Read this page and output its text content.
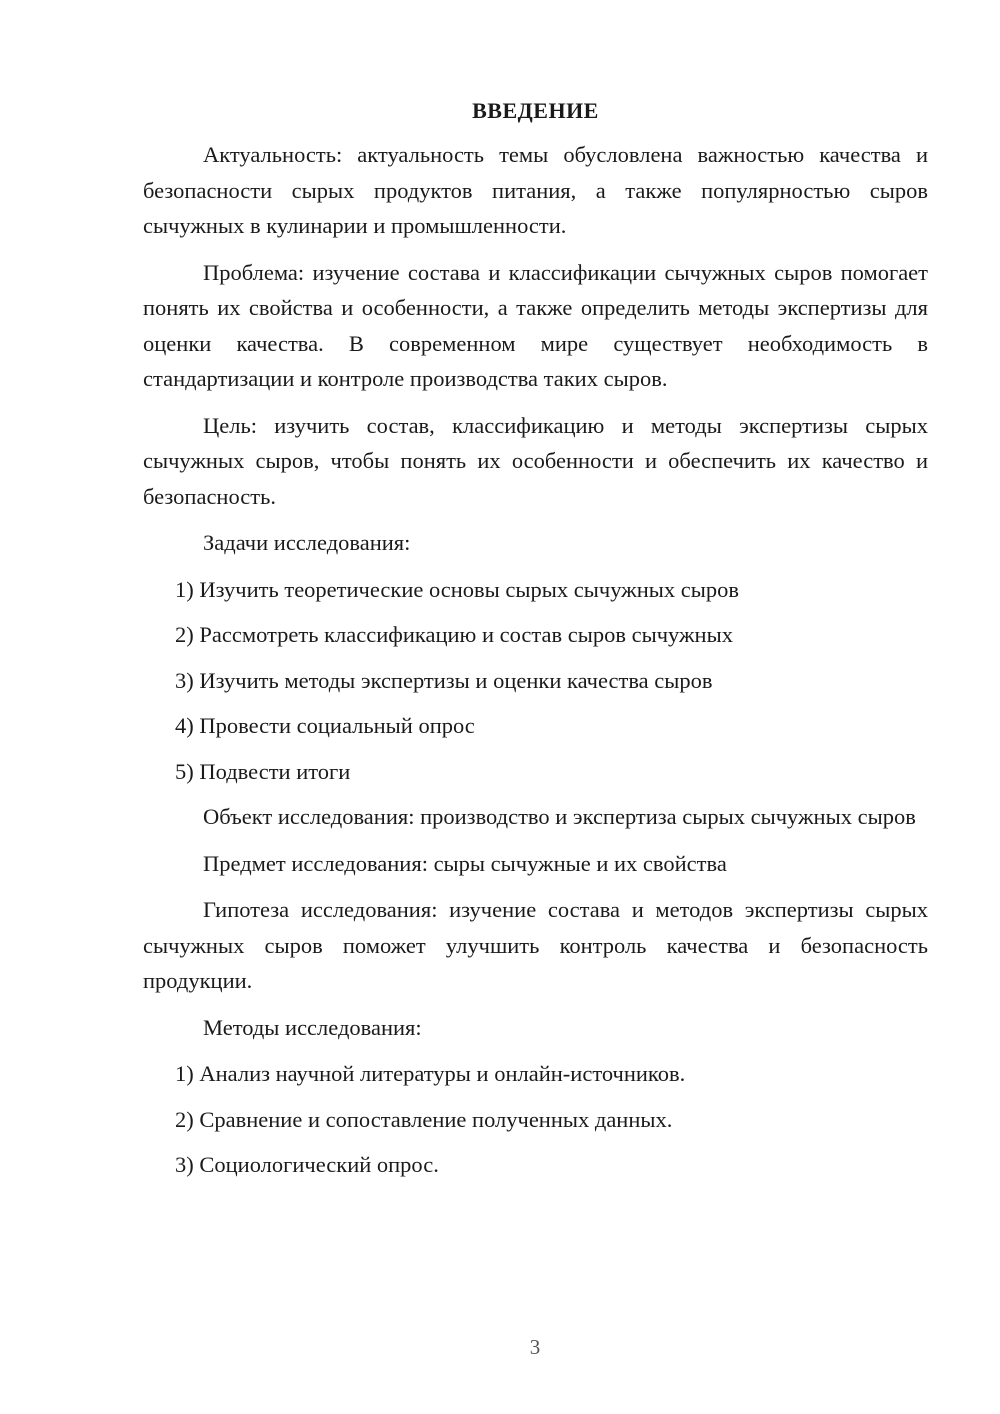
ВВЕДЕНИЕ

Актуальность: актуальность темы обусловлена важностью качества и безопасности сырых продуктов питания, а также популярностью сыров сычужных в кулинарии и промышленности.

Проблема: изучение состава и классификации сычужных сыров помогает понять их свойства и особенности, а также определить методы экспертизы для оценки качества. В современном мире существует необходимость в стандартизации и контроле производства таких сыров.

Цель: изучить состав, классификацию и методы экспертизы сырых сычужных сыров, чтобы понять их особенности и обеспечить их качество и безопасность.

Задачи исследования:

1) Изучить теоретические основы сырых сычужных сыров
2) Рассмотреть классификацию и состав сыров сычужных
3) Изучить методы экспертизы и оценки качества сыров
4) Провести социальный опрос
5) Подвести итоги

Объект исследования: производство и экспертиза сырых сычужных сыров

Предмет исследования: сыры сычужные и их свойства

Гипотеза исследования: изучение состава и методов экспертизы сырых сычужных сыров поможет улучшить контроль качества и безопасность продукции.

Методы исследования:

1) Анализ научной литературы и онлайн-источников.
2) Сравнение и сопоставление полученных данных.
3) Социологический опрос.
3
